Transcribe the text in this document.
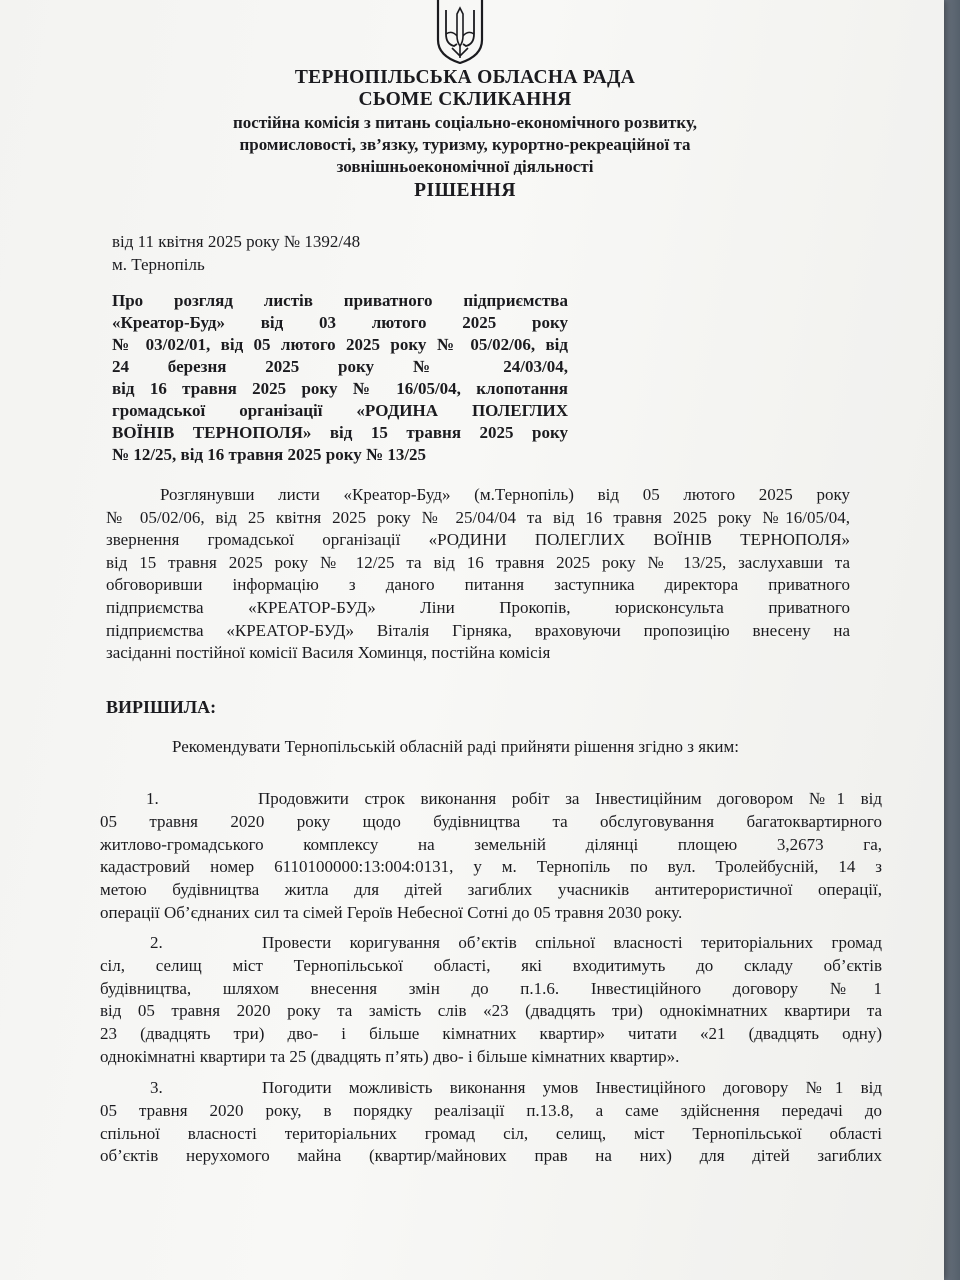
ТЕРНОПІЛЬСЬКА ОБЛАСНА РАДА
СЬОМЕ СКЛИКАННЯ
постійна комісія з питань соціально-економічного розвитку,
промисловості, зв’язку, туризму, курортно-рекреаційної та
зовнішньоекономічної діяльності
РІШЕННЯ
від 11 квітня 2025 року № 1392/48
м. Тернопіль
Про розгляд листів приватного підприємства
«Креатор-Буд» від 03 лютого 2025 року
№ 03/02/01, від 05 лютого 2025 року № 05/02/06, від
24 березня 2025 року № 24/03/04,
від 16 травня 2025 року № 16/05/04, клопотання
громадської організації «РОДИНА ПОЛЕГЛИХ
ВОЇНІВ ТЕРНОПОЛЯ» від 15 травня 2025 року
№ 12/25, від 16 травня 2025 року № 13/25
Розглянувши листи «Креатор-Буд» (м.Тернопіль) від 05 лютого 2025 року
№ 05/02/06, від 25 квітня 2025 року № 25/04/04 та від 16 травня 2025 року №16/05/04,
звернення громадської організації «РОДИНИ ПОЛЕГЛИХ ВОЇНІВ ТЕРНОПОЛЯ»
від 15 травня 2025 року № 12/25 та від 16 травня 2025 року № 13/25, заслухавши та
обговоривши інформацію з даного питання заступника директора приватного
підприємства «КРЕАТОР-БУД» Ліни Прокопів, юрисконсульта приватного
підприємства «КРЕАТОР-БУД» Віталія Гірняка, враховуючи пропозицію внесену на
засіданні постійної комісії Василя Хоминця, постійна комісія
ВИРІШИЛА:
Рекомендувати Тернопільській обласній раді прийняти рішення згідно з яким:
1.	Продовжити строк виконання робіт за Інвестиційним договором №1 від
05 травня 2020 року щодо будівництва та обслуговування багатоквартирного
житлово-громадського комплексу на земельній ділянці площею 3,2673 га,
кадастровий номер 6110100000:13:004:0131, у м. Тернопіль по вул. Тролейбусній, 14 з
метою будівництва житла для дітей загиблих учасників антитерористичної операції,
операції Об’єднаних сил та сімей Героїв Небесної Сотні до 05 травня 2030 року.
2.	Провести коригування об’єктів спільної власності територіальних громад
сіл, селищ міст Тернопільської області, які входитимуть до складу об’єктів
будівництва, шляхом внесення змін до п.1.6. Інвестиційного договору №1
від 05 травня 2020 року та замість слів «23 (двадцять три) однокімнатних квартири та
23 (двадцять три) дво- і більше кімнатних квартир» читати «21 (двадцять одну)
однокімнатні квартири та 25 (двадцять п’ять) дво- і більше кімнатних квартир».
3.	Погодити можливість виконання умов Інвестиційного договору №1 від
05 травня 2020 року, в порядку реалізації п.13.8, а саме здійснення передачі до
спільної власності територіальних громад сіл, селищ, міст Тернопільської області
об’єктів нерухомого майна (квартир/майнових прав на них) для дітей загиблих
